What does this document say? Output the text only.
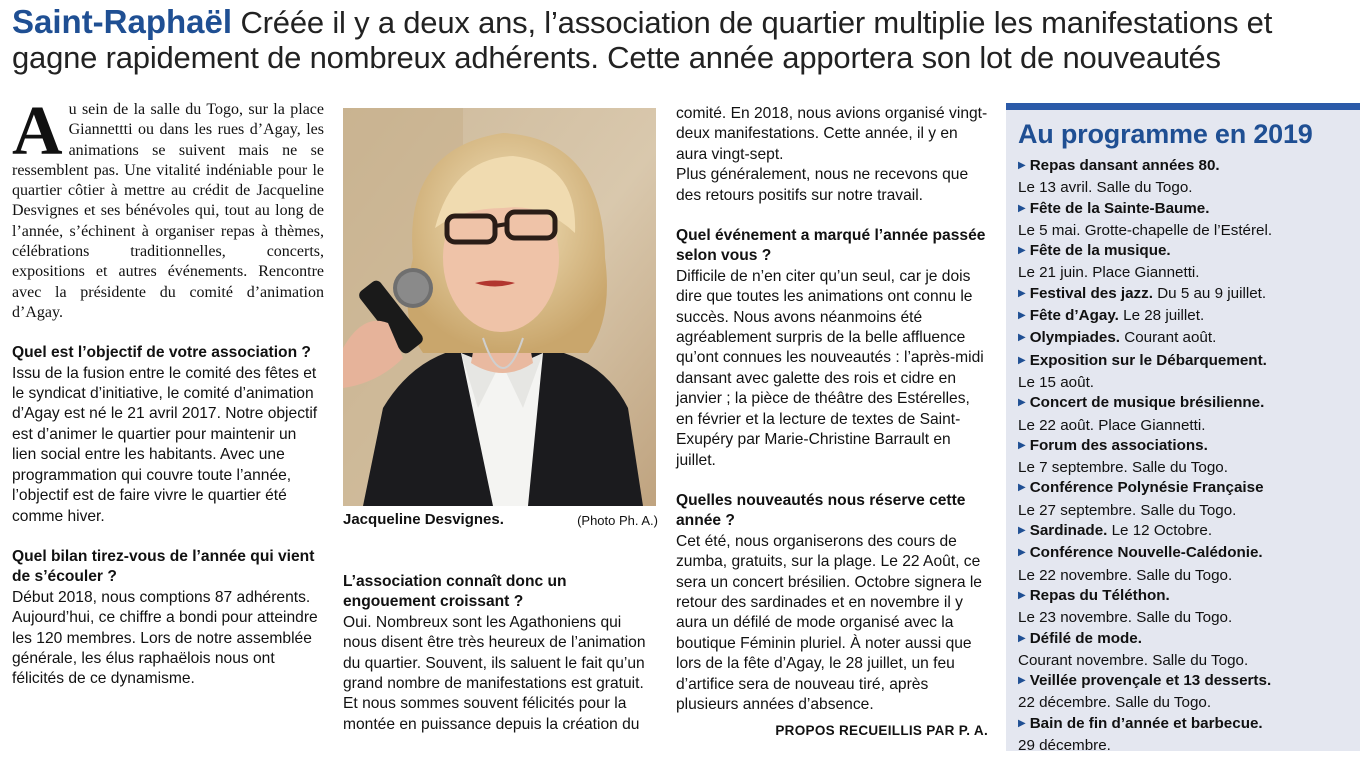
Saint-Raphaël Créée il y a deux ans, l’association de quartier multiplie les manifestations et gagne rapidement de nombreux adhérents. Cette année apportera son lot de nouveautés
Au sein de la salle du Togo, sur la place Giannettti ou dans les rues d’Agay, les animations se suivent mais ne se ressemblent pas. Une vitalité indéniable pour le quartier côtier à mettre au crédit de Jacqueline Desvignes et ses bénévoles qui, tout au long de l’année, s’échinent à organiser repas à thèmes, célébrations traditionnelles, concerts, expositions et autres événements. Rencontre avec la présidente du comité d’animation d’Agay.
Quel est l’objectif de votre association ?
Issu de la fusion entre le comité des fêtes et le syndicat d’initiative, le comité d’animation d’Agay est né le 21 avril 2017. Notre objectif est d’animer le quartier pour maintenir un lien social entre les habitants. Avec une programmation qui couvre toute l’année, l’objectif est de faire vivre le quartier été comme hiver.
Quel bilan tirez-vous de l’année qui vient de s’écouler ?
Début 2018, nous comptions 87 adhérents. Aujourd’hui, ce chiffre a bondi pour atteindre les 120 membres. Lors de notre assemblée générale, les élus raphaëlois nous ont félicités de ce dynamisme.
Jacqueline Desvignes.	(Photo Ph. A.)
L’association connaît donc un engouement croissant ?
Oui. Nombreux sont les Agathoniens qui nous disent être très heureux de l’animation du quartier. Souvent, ils saluent le fait qu’un grand nombre de manifestations est gratuit. Et nous sommes souvent félicités pour la montée en puissance depuis la création du
comité. En 2018, nous avions organisé vingt-deux manifestations. Cette année, il y en aura vingt-sept.
Plus généralement, nous ne recevons que des retours positifs sur notre travail.
Quel événement a marqué l’année passée selon vous ?
Difficile de n’en citer qu’un seul, car je dois dire que toutes les animations ont connu le succès. Nous avons néanmoins été agréablement surpris de la belle affluence qu’ont connues les nouveautés : l’après-midi dansant avec galette des rois et cidre en janvier ; la pièce de théâtre des Estérelles, en février et la lecture de textes de Saint-Exupéry par Marie-Christine Barrault en juillet.
Quelles nouveautés nous réserve cette année ?
Cet été, nous organiserons des cours de zumba, gratuits, sur la plage. Le 22 Août, ce sera un concert brésilien. Octobre signera le retour des sardinades et en novembre il y aura un défilé de mode organisé avec la boutique Féminin pluriel. À noter aussi que lors de la fête d’Agay, le 28 juillet, un feu d’artifice sera de nouveau tiré, après plusieurs années d’absence.
PROPOS RECUEILLIS PAR P. A.
Au programme en 2019
▶ Repas dansant années 80.
Le 13 avril. Salle du Togo.
▶ Fête de la Sainte-Baume.
Le 5 mai. Grotte-chapelle de l’Estérel.
▶ Fête de la musique.
Le 21 juin. Place Giannetti.
▶ Festival des jazz. Du 5 au 9 juillet.
▶ Fête d’Agay. Le 28 juillet.
▶ Olympiades. Courant août.
▶ Exposition sur le Débarquement.
Le 15 août.
▶ Concert de musique brésilienne.
Le 22 août. Place Giannetti.
▶ Forum des associations.
Le 7 septembre. Salle du Togo.
▶ Conférence Polynésie Française
Le 27 septembre. Salle du Togo.
▶ Sardinade. Le 12 Octobre.
▶ Conférence Nouvelle-Calédonie.
Le 22 novembre. Salle du Togo.
▶ Repas du Téléthon.
Le 23 novembre. Salle du Togo.
▶ Défilé de mode.
Courant novembre. Salle du Togo.
▶ Veillée provençale et 13 desserts.
22 décembre. Salle du Togo.
▶ Bain de fin d’année et barbecue.
29 décembre.
